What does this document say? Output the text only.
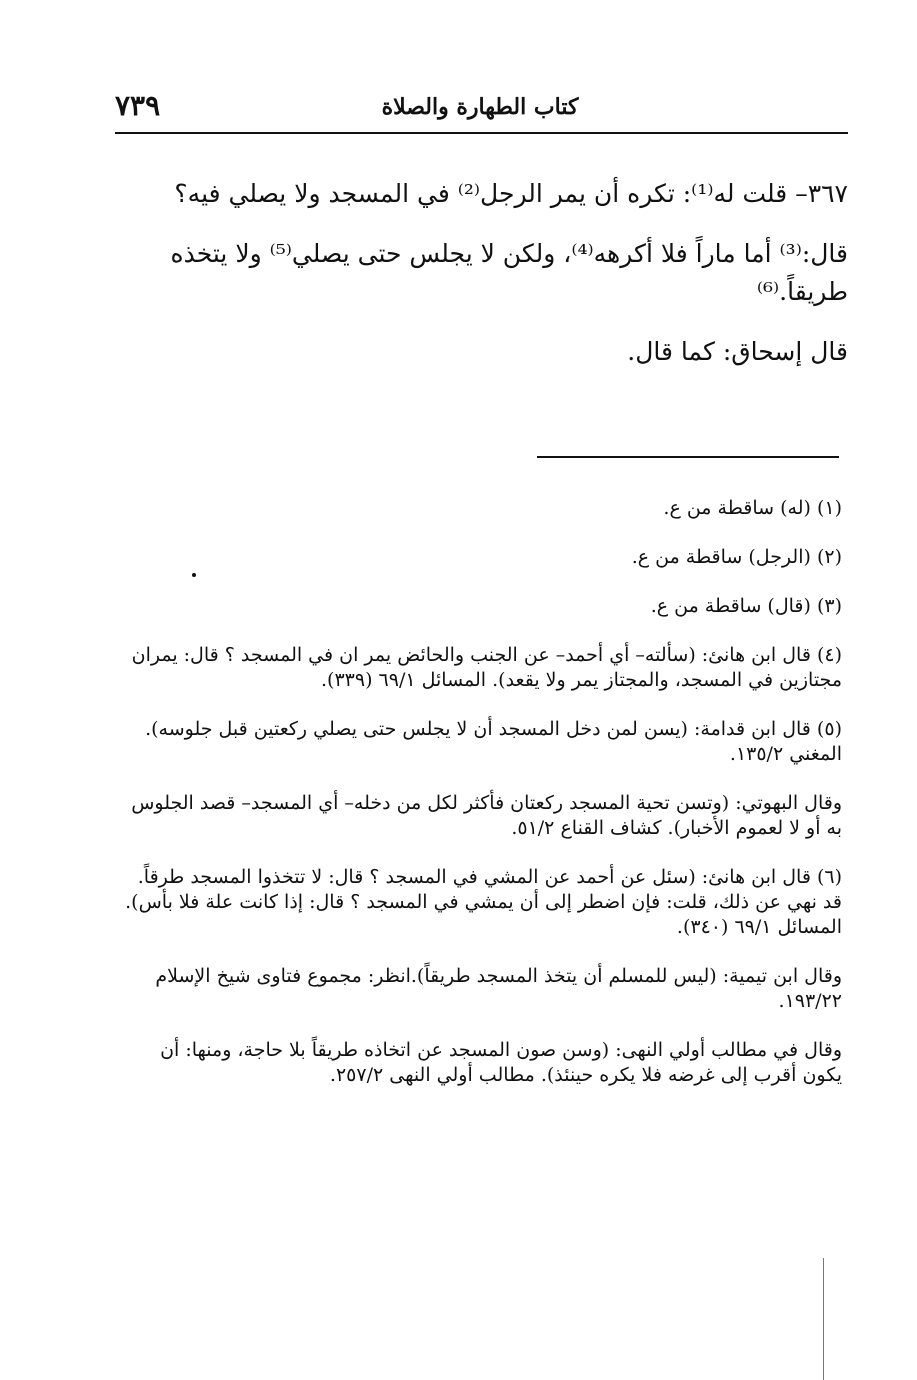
٧٣٩	كتاب الطهارة والصلاة

٣٦٧– قلت له⁽¹⁾: تكره أن يمر الرجل⁽²⁾ في المسجد ولا يصلي فيه؟

قال:⁽³⁾ أما ماراً فلا أكرهه⁽⁴⁾، ولكن لا يجلس حتى يصلي⁽⁵⁾ ولا يتخذه طريقاً.⁽⁶⁾

قال إسحاق: كما قال.

(١) (له) ساقطة من ع.

(٢) (الرجل) ساقطة من ع.

(٣) (قال) ساقطة من ع.

(٤) قال ابن هانئ: (سألته– أي أحمد– عن الجنب والحائض يمر ان في المسجد ؟ قال: يمران مجتازين في المسجد، والمجتاز يمر ولا يقعد). المسائل ٦٩/١ (٣٣٩).

(٥) قال ابن قدامة: (يسن لمن دخل المسجد أن لا يجلس حتى يصلي ركعتين قبل جلوسه). المغني ١٣٥/٢.

وقال البهوتي: (وتسن تحية المسجد ركعتان فأكثر لكل من دخله– أي المسجد– قصد الجلوس به أو لا لعموم الأخبار). كشاف القناع ٥١/٢.

(٦) قال ابن هانئ: (سئل عن أحمد عن المشي في المسجد ؟ قال: لا تتخذوا المسجد طرقاً. قد نهي عن ذلك، قلت: فإن اضطر إلى أن يمشي في المسجد ؟ قال: إذا كانت علة فلا بأس). المسائل ٦٩/١ (٣٤٠).

وقال ابن تيمية: (ليس للمسلم أن يتخذ المسجد طريقاً).انظر: مجموع فتاوى شيخ الإسلام ١٩٣/٢٢.

وقال في مطالب أولي النهى: (وسن صون المسجد عن اتخاذه طريقاً بلا حاجة، ومنها: أن يكون أقرب إلى غرضه فلا يكره حينئذ). مطالب أولي النهى ٢٥٧/٢.
